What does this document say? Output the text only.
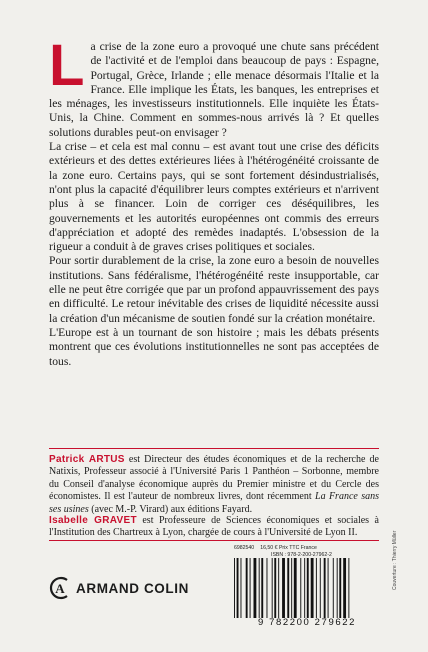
L a crise de la zone euro a provoqué une chute sans précédent de l'activité et de l'emploi dans beaucoup de pays : Espagne, Portugal, Grèce, Irlande ; elle menace désormais l'Italie et la France. Elle implique les États, les banques, les entreprises et les ménages, les investisseurs institutionnels. Elle inquiète les États-Unis, la Chine. Comment en sommes-nous arrivés là ? Et quelles solutions durables peut-on envisager ?

La crise – et cela est mal connu – est avant tout une crise des déficits extérieurs et des dettes extérieures liées à l'hétérogénéité croissante de la zone euro. Certains pays, qui se sont fortement désindustrialisés, n'ont plus la capacité d'équilibrer leurs comptes extérieurs et n'arrivent plus à se financer. Loin de corriger ces déséquilibres, les gouvernements et les autorités européennes ont commis des erreurs d'appréciation et adopté des remèdes inadaptés. L'obsession de la rigueur a conduit à de graves crises politiques et sociales.

Pour sortir durablement de la crise, la zone euro a besoin de nouvelles institutions. Sans fédéralisme, l'hétérogénéité reste insupportable, car elle ne peut être corrigée que par un profond appauvrissement des pays en difficulté. Le retour inévitable des crises de liquidité nécessite aussi la création d'un mécanisme de soutien fondé sur la création monétaire.

L'Europe est à un tournant de son histoire ; mais les débats présents montrent que ces évolutions institutionnelles ne sont pas acceptées de tous.

Patrick ARTUS est Directeur des études économiques et de la recherche de Natixis, Professeur associé à l'Université Paris 1 Panthéon – Sorbonne, membre du Conseil d'analyse économique auprès du Premier ministre et du Cercle des économistes. Il est l'auteur de nombreux livres, dont récemment La France sans ses usines (avec M.-P. Virard) aux éditions Fayard.

Isabelle GRAVET est Professeure de Sciences économiques et sociales à l'Institution des Chartreux à Lyon, chargée de cours à l'Université de Lyon II.

6982540 16,50 € Prix TTC France
ISBN : 978-2-200-27962-2	Couverture : Thierry Müller
A ARMAND COLIN
9 782200 279622
